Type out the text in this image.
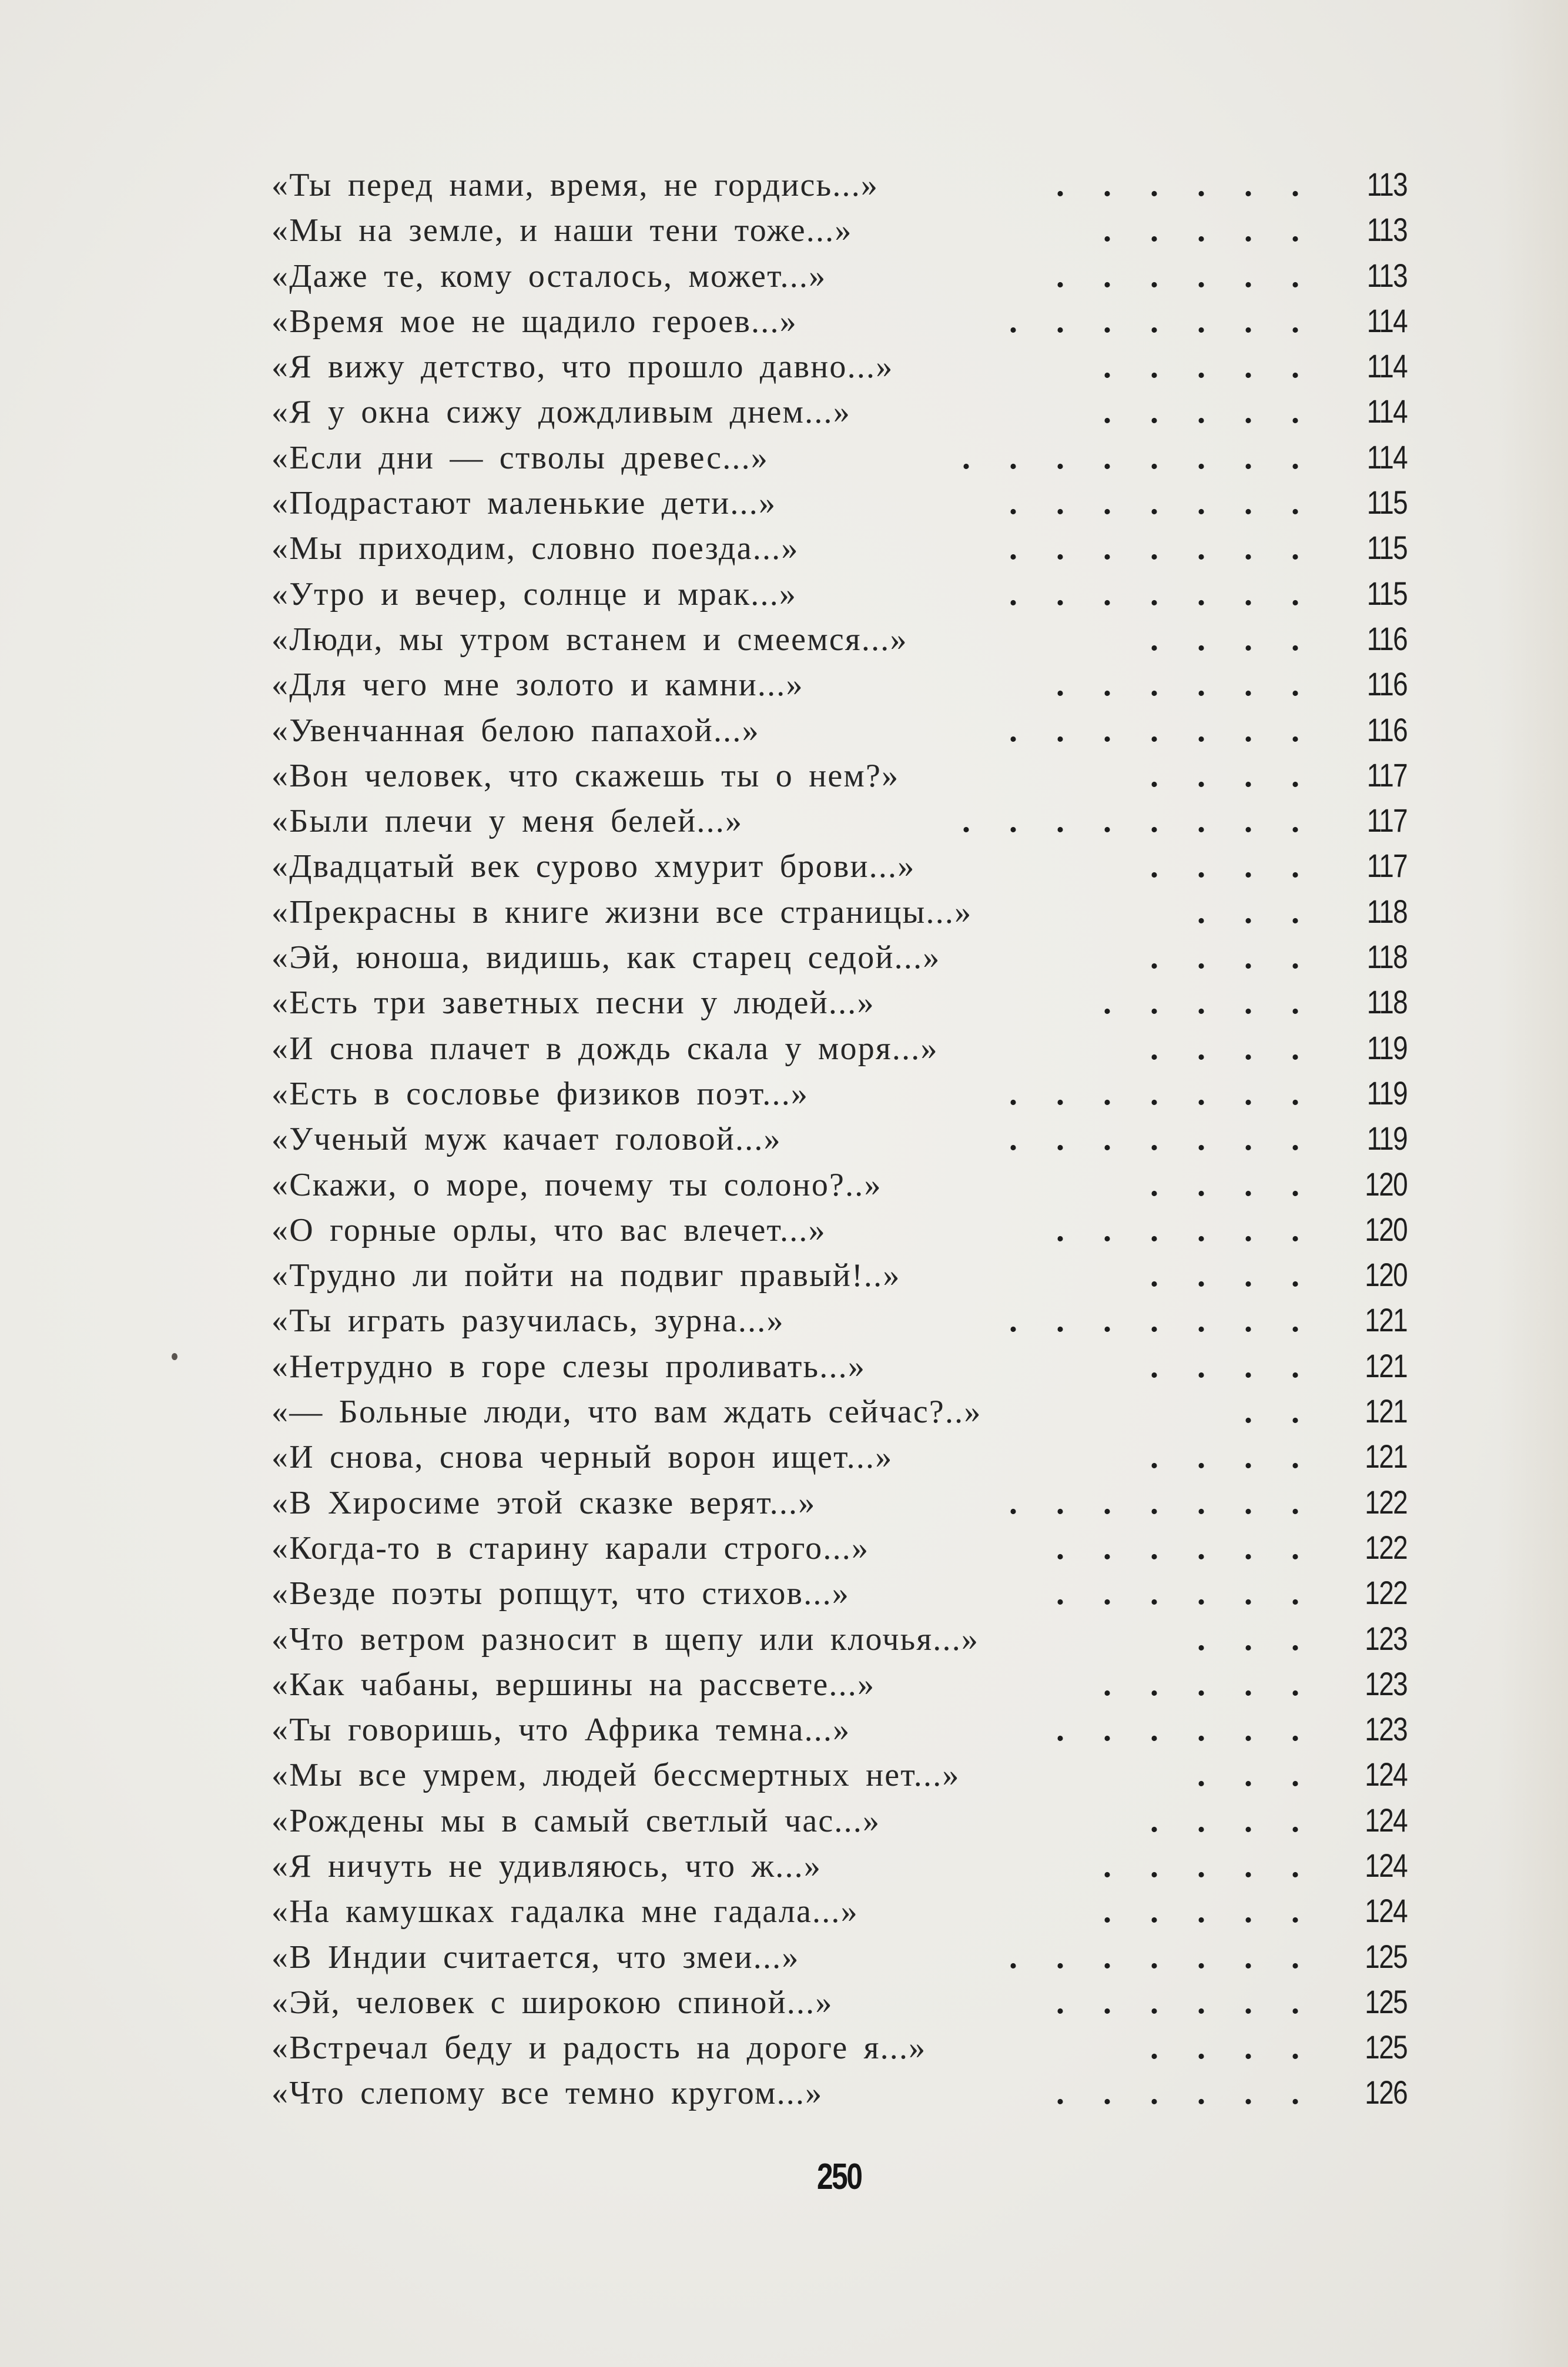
«Ты перед нами, время, не гордись...»	. . . . . .	113
«Мы на земле, и наши тени тоже...»	. . . . .	113
«Даже те, кому осталось, может...»	. . . . . .	113
«Время мое не щадило героев...»	. . . . . . .	114
«Я вижу детство, что прошло давно...»	. . . . .	114
«Я у окна сижу дождливым днем...»	. . . . .	114
«Если дни — стволы древес...»	. . . . . . . .	114
«Подрастают маленькие дети...»	. . . . . . .	115
«Мы приходим, словно поезда...»	. . . . . . .	115
«Утро и вечер, солнце и мрак...»	. . . . . . .	115
«Люди, мы утром встанем и смеемся...»	. . . .	116
«Для чего мне золото и камни...»	. . . . . .	116
«Увенчанная белою папахой...»	. . . . . . .	116
«Вон человек, что скажешь ты о нем?»	. . . .	117
«Были плечи у меня белей...»	. . . . . . . .	117
«Двадцатый век сурово хмурит брови...»	. . . .	117
«Прекрасны в книге жизни все страницы...»	. . .	118
«Эй, юноша, видишь, как старец седой...»	. . . .	118
«Есть три заветных песни у людей...»	. . . . .	118
«И снова плачет в дождь скала у моря...»	. . . .	119
«Есть в сословье физиков поэт...»	. . . . . . .	119
«Ученый муж качает головой...»	. . . . . . .	119
«Скажи, о море, почему ты солоно?..»	. . . .	120
«О горные орлы, что вас влечет...»	. . . . . .	120
«Трудно ли пойти на подвиг правый!..»	. . . .	120
«Ты играть разучилась, зурна...»	. . . . . . .	121
«Нетрудно в горе слезы проливать...»	. . . .	121
«— Больные люди, что вам ждать сейчас?..»	. .	121
«И снова, снова черный ворон ищет...»	. . . .	121
«В Хиросиме этой сказке верят...»	. . . . . . .	122
«Когда-то в старину карали строго...»	. . . . . .	122
«Везде поэты ропщут, что стихов...»	. . . . . .	122
«Что ветром разносит в щепу или клочья...»	. . .	123
«Как чабаны, вершины на рассвете...»	. . . . .	123
«Ты говоришь, что Африка темна...»	. . . . . .	123
«Мы все умрем, людей бессмертных нет...»	. . .	124
«Рождены мы в самый светлый час...»	. . . .	124
«Я ничуть не удивляюсь, что ж...»	. . . . .	124
«На камушках гадалка мне гадала...»	. . . . .	124
«В Индии считается, что змеи...»	. . . . . . .	125
«Эй, человек с широкою спиной...»	. . . . . .	125
«Встречал беду и радость на дороге я...»	. . . .	125
«Что слепому все темно кругом...»	. . . . . .	126
250
